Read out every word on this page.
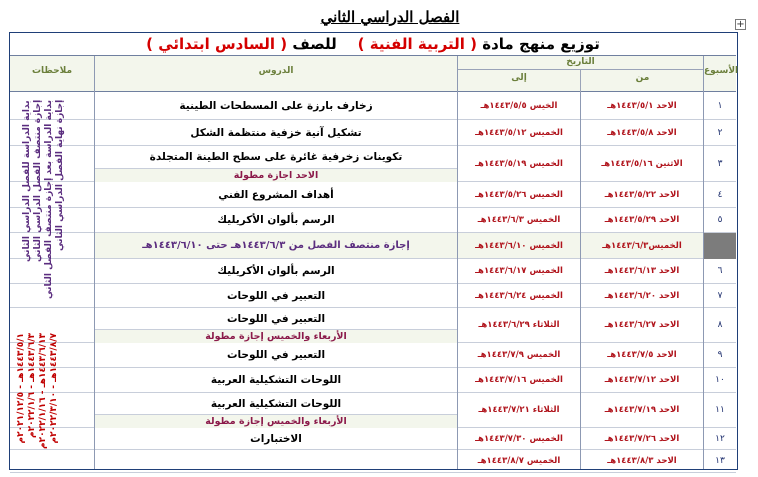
+
الفصل الدراسي الثاني
توزيع منهج مادة ( التربية الفنية )    للصف ( السادس ابتدائي )
الأسبوع
التاريخ
من
إلى
الدروس
ملاحظات
١
الاحد ١٤٤٣/٥/١هـ
الخيس ١٤٤٣/٥/٥هـ
زخارف بارزة على المسطحات الطينية
٢
الاحد ١٤٤٣/٥/٨هـ
الخميس ١٤٤٣/٥/١٢هـ
تشكيل آنية خزفية منتظمة الشكل
٣
الاثنين ١٤٤٣/٥/١٦هـ
الخميس ١٤٤٣/٥/١٩هـ
تكوينات زخرفية غائرة على سطح الطينة المتجلدة
الاحد اجازة مطولة
٤
الاحد ١٤٤٣/٥/٢٢هـ
الخميس ١٤٤٣/٥/٢٦هـ
أهداف المشروع الفني
٥
الاحد ١٤٤٣/٥/٢٩هـ
الخميس ١٤٤٣/٦/٣هـ
الرسم بألوان الأكريليك
الخميس١٤٤٣/٦/٣هـ
الخميس ١٤٤٣/٦/١٠هـ
إجازة منتصف الفصل من ١٤٤٣/٦/٣هـ حتى ١٤٤٣/٦/١٠هـ
٦
الاحد ١٤٤٣/٦/١٣هـ
الخميس ١٤٤٣/٦/١٧هـ
الرسم بألوان الأكريليك
٧
الاحد ١٤٤٣/٦/٢٠هـ
الخميس ١٤٤٣/٦/٢٤هـ
التعبير في اللوحات
٨
الاحد ١٤٤٣/٦/٢٧هـ
الثلاثاء ١٤٤٣/٦/٢٩هـ
التعبير في اللوحات
الأربعاء والخميس إجازة مطولة
٩
الاحد ١٤٤٣/٧/٥هـ
الخميس ١٤٤٣/٧/٩هـ
التعبير في اللوحات
١٠
الاحد ١٤٤٣/٧/١٢هـ
الخميس ١٤٤٣/٧/١٦هـ
اللوحات التشكيلية العربية
١١
الاحد ١٤٤٣/٧/١٩هـ
الثلاثاء ١٤٤٣/٧/٢١هـ
اللوحات التشكيلية العربية
الأربعاء والخميس إجازة مطولة
١٢
الاحد ١٤٤٣/٧/٢٦هـ
الخميس ١٤٤٣/٧/٣٠هـ
الاختبارات
١٣
الاحد ١٤٤٣/٨/٣هـ
الخميس ١٤٤٣/٨/٧هـ
بداية الدراسة للفصل الدراسي الثاني إجازة منتصف الفصل الدراسي الثاني بداية الدراسة بعد إجازة منتصف الفصل الثاني إجازة نهاية الفصل الدراسي الثاني
١٤٤٣/٥/١هـ - ٢٠٢١/١٢/٥م
١٤٤٣/٦/٣هـ - ٢٠٢٢/١/٦م
١٤٤٣/٦/١٣هـ - ٢٠٢٢/١/١٦م
١٤٤٣/٨/٧هـ - ٢٠٢٢/٣/١٠م
